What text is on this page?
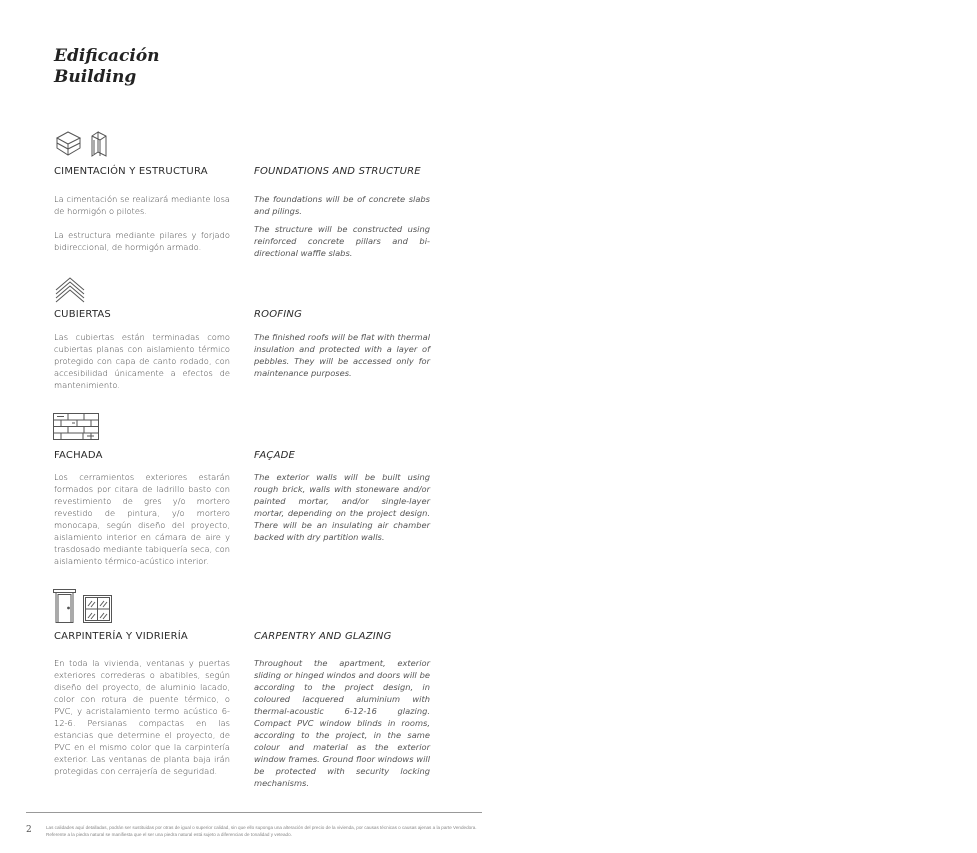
Edificación
Building
CIMENTACIÓN Y ESTRUCTURA	FOUNDATIONS AND STRUCTURE

La cimentación se realizará mediante losa de hormigón o pilotes.

La estructura mediante pilares y forjado bidireccional, de hormigón armado.

The foundations will be of concrete slabs and pilings.

The structure will be constructed using reinforced concrete pillars and bi-directional waffle slabs.

CUBIERTAS	ROOFING

Las cubiertas están terminadas como cubiertas planas con aislamiento térmico protegido con capa de canto rodado, con accesibilidad únicamente a efectos de mantenimiento.

The finished roofs will be flat with thermal insulation and protected with a layer of pebbles. They will be accessed only for maintenance purposes.

FACHADA	FAÇADE

Los cerramientos exteriores estarán formados por citara de ladrillo basto con revestimiento de gres y/o mortero revestido de pintura, y/o mortero monocapa, según diseño del proyecto, aislamiento interior en cámara de aire y trasdosado mediante tabiquería seca, con aislamiento térmico-acústico interior.

The exterior walls will be built using rough brick, walls with stoneware and/or painted mortar, and/or single-layer mortar, depending on the project design. There will be an insulating air chamber backed with dry partition walls.

CARPINTERÍA Y VIDRIERÍA	CARPENTRY AND GLAZING

En toda la vivienda, ventanas y puertas exteriores correderas o abatibles, según diseño del proyecto, de aluminio lacado, color con rotura de puente térmico, o PVC, y acristalamiento termo acústico 6-12-6. Persianas compactas en las estancias que determine el proyecto, de PVC en el mismo color que la carpintería exterior. Las ventanas de planta baja irán protegidas con cerrajería de seguridad.

Throughout the apartment, exterior sliding or hinged windos and doors will be according to the project design, in coloured lacquered aluminium with thermal-acoustic 6-12-16 glazing. Compact PVC window blinds in rooms, according to the project, in the same colour and material as the exterior window frames. Ground floor windows will be protected with security locking mechanisms.

2	Las calidades aquí detalladas, podrán ser sustituidas por otras de igual o superior calidad, sin que ello suponga una alteración del precio de la vivienda, por causas técnicas o causas ajenas a la parte Vendedora. Referente a la piedra natural se manifiesta que el ser una piedra natural está sujeto a diferencias de tonalidad y veteado.
